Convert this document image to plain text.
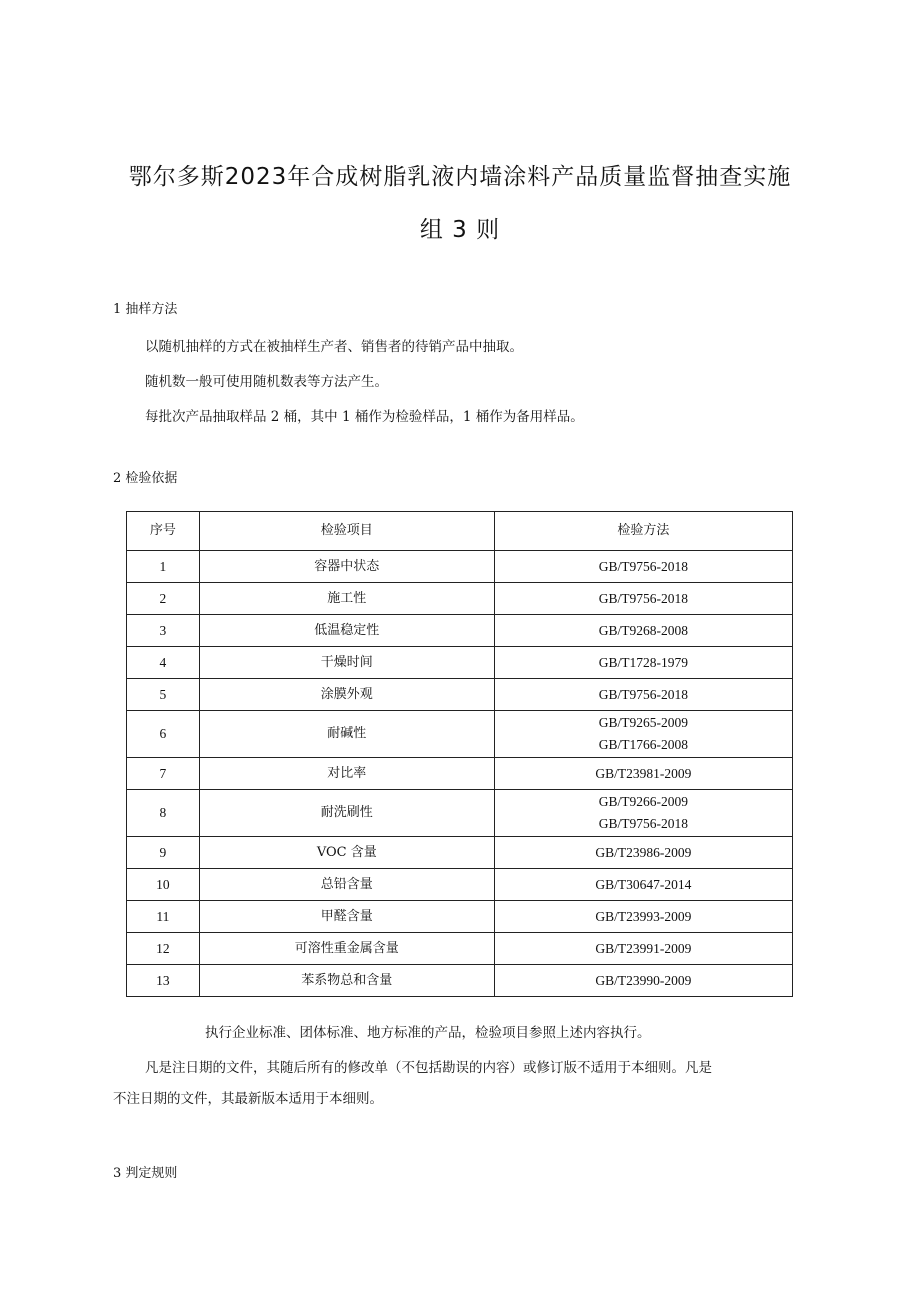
鄂尔多斯2023年合成树脂乳液内墙涂料产品质量监督抽查实施
组 3 则
1 抽样方法
以随机抽样的方式在被抽样生产者、销售者的待销产品中抽取。
随机数一般可使用随机数表等方法产生。
每批次产品抽取样品 2 桶，其中 1 桶作为检验样品，1 桶作为备用样品。
2 检验依据
序号	检验项目	检验方法
1	容器中状态	GB/T9756-2018

2	施工性	GB/T9756-2018

3	低温稳定性	GB/T9268-2008

4	干燥时间	GB/T1728-1979

5	涂膜外观	GB/T9756-2018

6	耐碱性	GB/T9265-2009
GB/T1766-2008

7	对比率	GB/T23981-2009

8	耐洗刷性	GB/T9266-2009
GB/T9756-2018

9	VOC 含量	GB/T23986-2009

10	总铅含量	GB/T30647-2014

11	甲醛含量	GB/T23993-2009

12	可溶性重金属含量	GB/T23991-2009

13	苯系物总和含量	GB/T23990-2009
执行企业标准、团体标准、地方标准的产品，检验项目参照上述内容执行。
凡是注日期的文件，其随后所有的修改单（不包括勘误的内容）或修订版不适用于本细则。凡是
不注日期的文件，其最新版本适用于本细则。
3 判定规则
